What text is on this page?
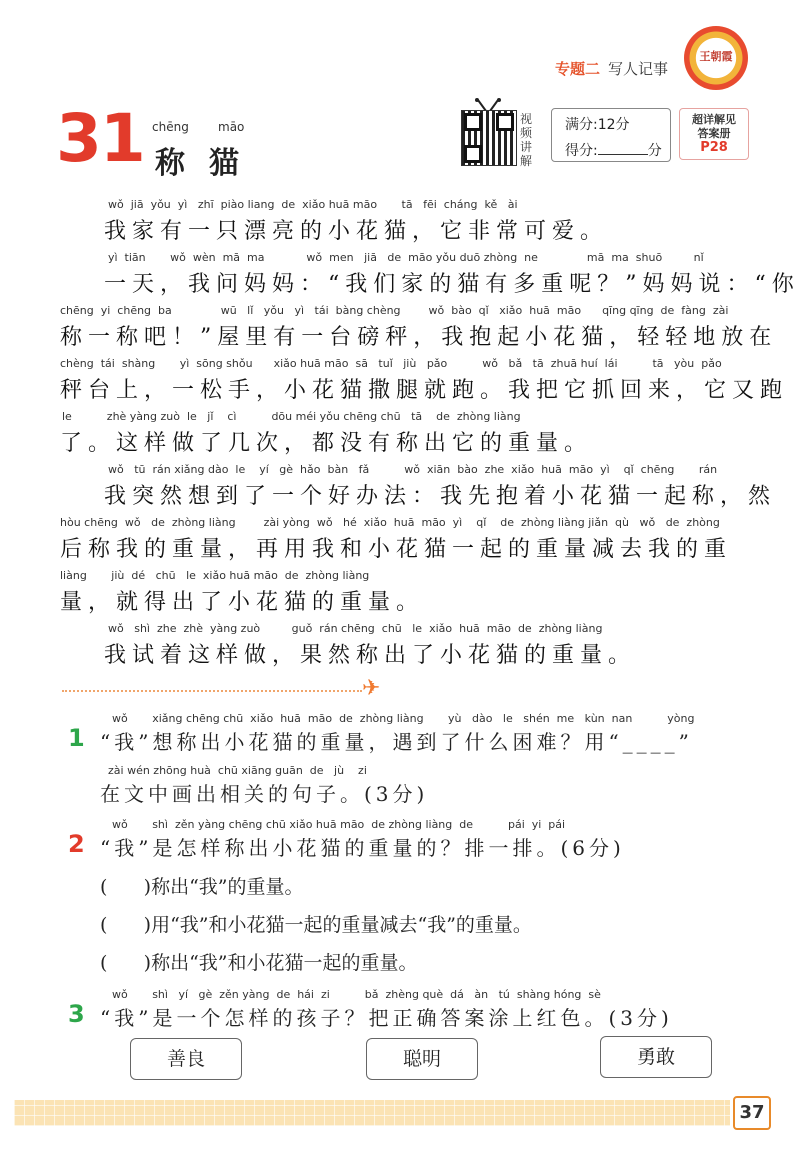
专题二 写人记事
王朝霞
31 chēng māo
称猫
视频讲解
满分:12分
得分:	分
超详解见
答案册
P28
wǒ  jiā  yǒu  yì   zhī  piào liang  de  xiǎo huā māo       tā   fēi  cháng  kě   ài
我家有一只漂亮的小花猫，它非常可爱。
yì  tiān       wǒ  wèn  mā  ma            wǒ  men   jiā   de  māo yǒu duō zhòng  ne              mā  ma  shuō         nǐ
一天，我问妈妈：“我们家的猫有多重呢？”妈妈说：“你
chēng  yi  chēng  ba              wū   lǐ   yǒu   yì   tái  bàng chèng        wǒ  bào  qǐ   xiǎo  huā  māo      qīng qīng  de  fàng  zài
称一称吧！”屋里有一台磅秤，我抱起小花猫，轻轻地放在
chèng  tái  shàng       yì  sōng shǒu      xiǎo huā māo  sā   tuǐ   jiù   pǎo          wǒ   bǎ   tā  zhuā huí  lái          tā   yòu  pǎo
秤台上，一松手，小花猫撒腿就跑。我把它抓回来，它又跑
le          zhè yàng zuò  le   jǐ    cì          dōu méi yǒu chēng chū   tā    de  zhòng liàng
了。这样做了几次，都没有称出它的重量。
wǒ   tū  rán xiǎng dào  le    yí   gè  hǎo  bàn   fǎ          wǒ  xiān  bào  zhe  xiǎo  huā  māo  yì    qǐ  chēng       rán
我突然想到了一个好办法：我先抱着小花猫一起称，然
hòu chēng  wǒ   de  zhòng liàng        zài yòng  wǒ   hé  xiǎo  huā  māo  yì    qǐ    de  zhòng liàng jiǎn  qù   wǒ   de  zhòng
后称我的重量，再用我和小花猫一起的重量减去我的重
liàng       jiù  dé   chū   le  xiǎo huā māo  de  zhòng liàng
量，就得出了小花猫的重量。
wǒ   shì  zhe  zhè  yàng zuò         guǒ  rán chēng  chū   le  xiǎo  huā  māo  de  zhòng liàng
我试着这样做，果然称出了小花猫的重量。
✈
1
wǒ       xiǎng chēng chū  xiǎo  huā  māo  de  zhòng liàng       yù   dào   le   shén  me   kùn  nan          yòng
“我”想称出小花猫的重量，遇到了什么困难？用“____”
zài wén zhōng huà  chū xiāng guān  de   jù    zi
在文中画出相关的句子。(3分)
2
wǒ       shì  zěn yàng chēng chū xiǎo huā māo  de zhòng liàng  de          pái  yi  pái
“我”是怎样称出小花猫的重量的？排一排。(6分)
(      )称出“我”的重量。
(      )用“我”和小花猫一起的重量减去“我”的重量。
(      )称出“我”和小花猫一起的重量。
3
wǒ       shì   yí   gè  zěn yàng  de  hái  zi          bǎ  zhèng què  dá   àn   tú  shàng hóng  sè
“我”是一个怎样的孩子？把正确答案涂上红色。(3分)
善良	聪明	勇敢
37
